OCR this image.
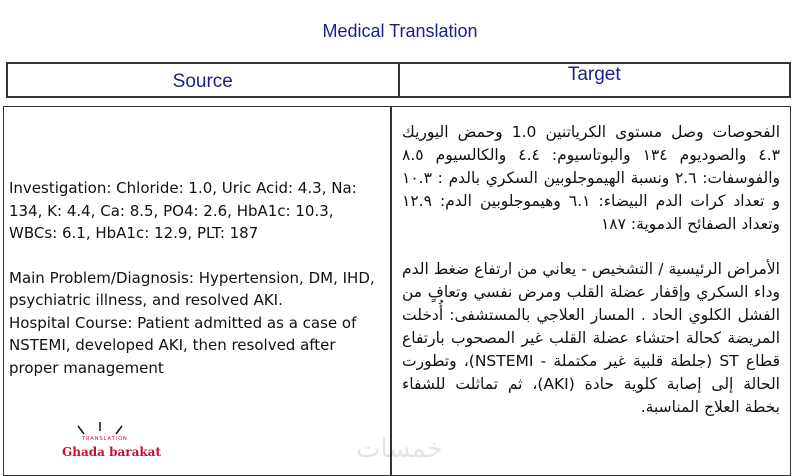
Medical Translation
Source	Target

Investigation: Chloride: 1.0, Uric Acid: 4.3, Na: 134, K: 4.4, Ca: 8.5, PO4: 2.6, HbA1c: 10.3, WBCs: 6.1, HbA1c: 12.9, PLT: 187

Main Problem/Diagnosis: Hypertension, DM, IHD, psychiatric illness, and resolved AKI.

Hospital Course: Patient admitted as a case of NSTEMI, developed AKI, then resolved after proper management

الفحوصات وصل مستوى الكرياتنين 1.0 وحمض اليوريك ٤.٣ والصوديوم ١٣٤ والبوتاسيوم: ٤.٤ والكالسيوم ٨.٥ والفوسفات: ٢.٦ ونسبة الهيموجلوبين السكري بالدم : ١٠.٣ و تعداد كرات الدم البيضاء: ٦.١ وهيموجلوبين الدم: ١٢.٩ وتعداد الصفائح الدموية: ١٨٧

الأمراض الرئيسية / التشخيص - يعاني من ارتفاع ضغط الدم وداء السكري وإقفار عضلة القلب ومرض نفسي وتعافٍ من الفشل الكلوي الحاد . المسار العلاجي بالمستشفى: أُدخلت المريضة كحالة احتشاء عضلة القلب غير المصحوب بارتفاع قطاع ST (جلطة قلبية غير مكتملة - NSTEMI)، وتطورت الحالة إلى إصابة كلوية حادة (AKI)، ثم تماثلت للشفاء بخطة العلاج المناسبة.

TRANSLATION
Ghada barakat	خمسات
